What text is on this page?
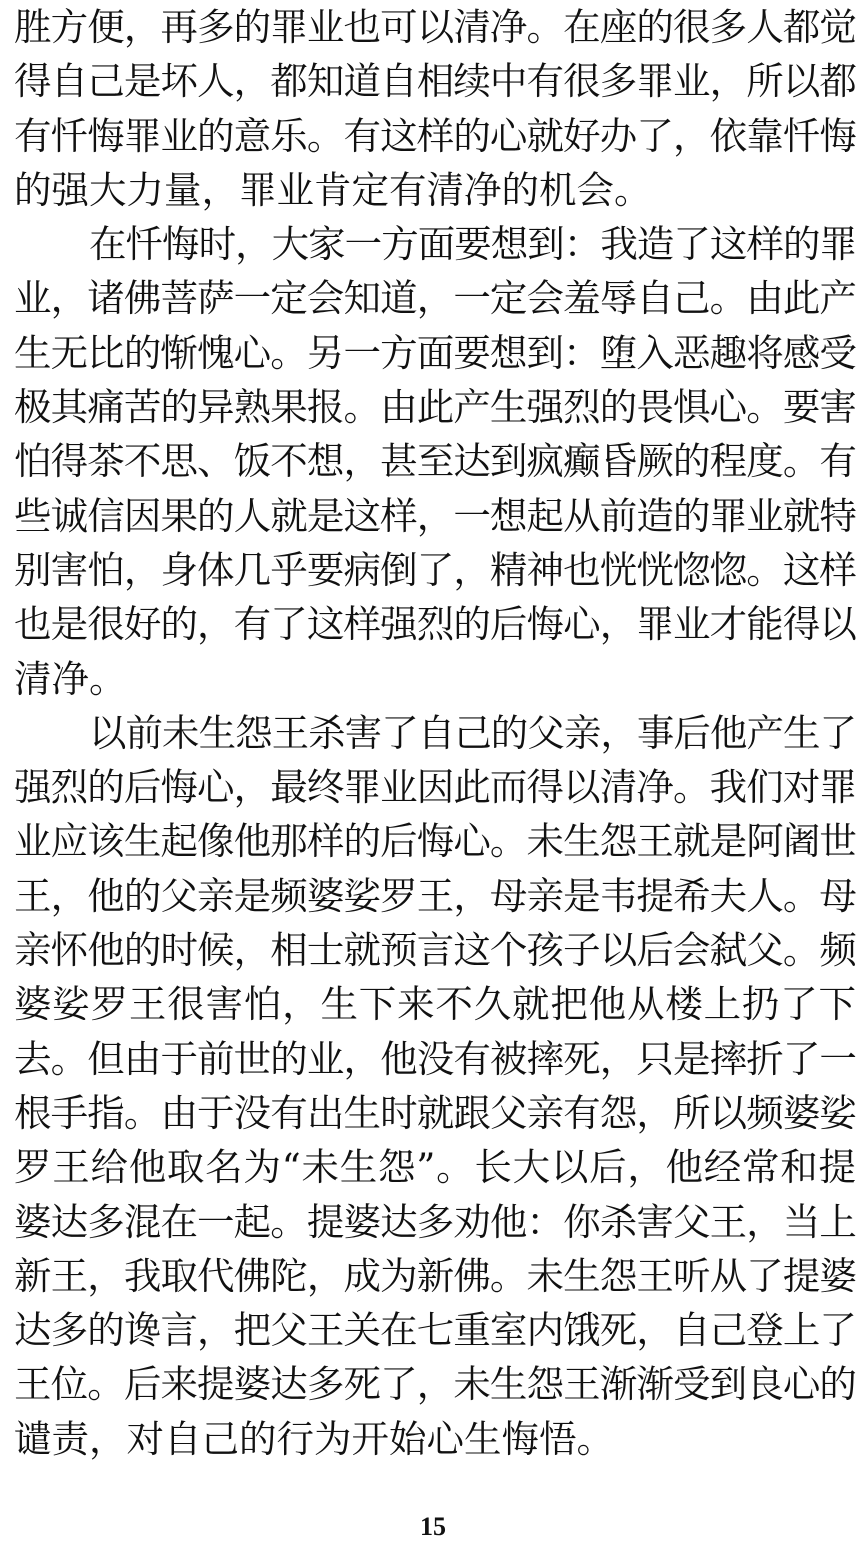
胜方便，再多的罪业也可以清净。在座的很多人都觉
得自己是坏人，都知道自相续中有很多罪业，所以都
有忏悔罪业的意乐。有这样的心就好办了，依靠忏悔
的强大力量，罪业肯定有清净的机会。
在忏悔时，大家一方面要想到：我造了这样的罪
业，诸佛菩萨一定会知道，一定会羞辱自己。由此产
生无比的惭愧心。另一方面要想到：堕入恶趣将感受
极其痛苦的异熟果报。由此产生强烈的畏惧心。要害
怕得茶不思、饭不想，甚至达到疯癫昏厥的程度。有
些诚信因果的人就是这样，一想起从前造的罪业就特
别害怕，身体几乎要病倒了，精神也恍恍惚惚。这样
也是很好的，有了这样强烈的后悔心，罪业才能得以
清净。
以前未生怨王杀害了自己的父亲，事后他产生了
强烈的后悔心，最终罪业因此而得以清净。我们对罪
业应该生起像他那样的后悔心。未生怨王就是阿阇世
王，他的父亲是频婆娑罗王，母亲是韦提希夫人。母
亲怀他的时候，相士就预言这个孩子以后会弑父。频
婆娑罗王很害怕，生下来不久就把他从楼上扔了下
去。但由于前世的业，他没有被摔死，只是摔折了一
根手指。由于没有出生时就跟父亲有怨，所以频婆娑
罗王给他取名为“未生怨”。长大以后，他经常和提
婆达多混在一起。提婆达多劝他：你杀害父王，当上
新王，我取代佛陀，成为新佛。未生怨王听从了提婆
达多的谗言，把父王关在七重室内饿死，自己登上了
王位。后来提婆达多死了，未生怨王渐渐受到良心的
谴责，对自己的行为开始心生悔悟。
15
